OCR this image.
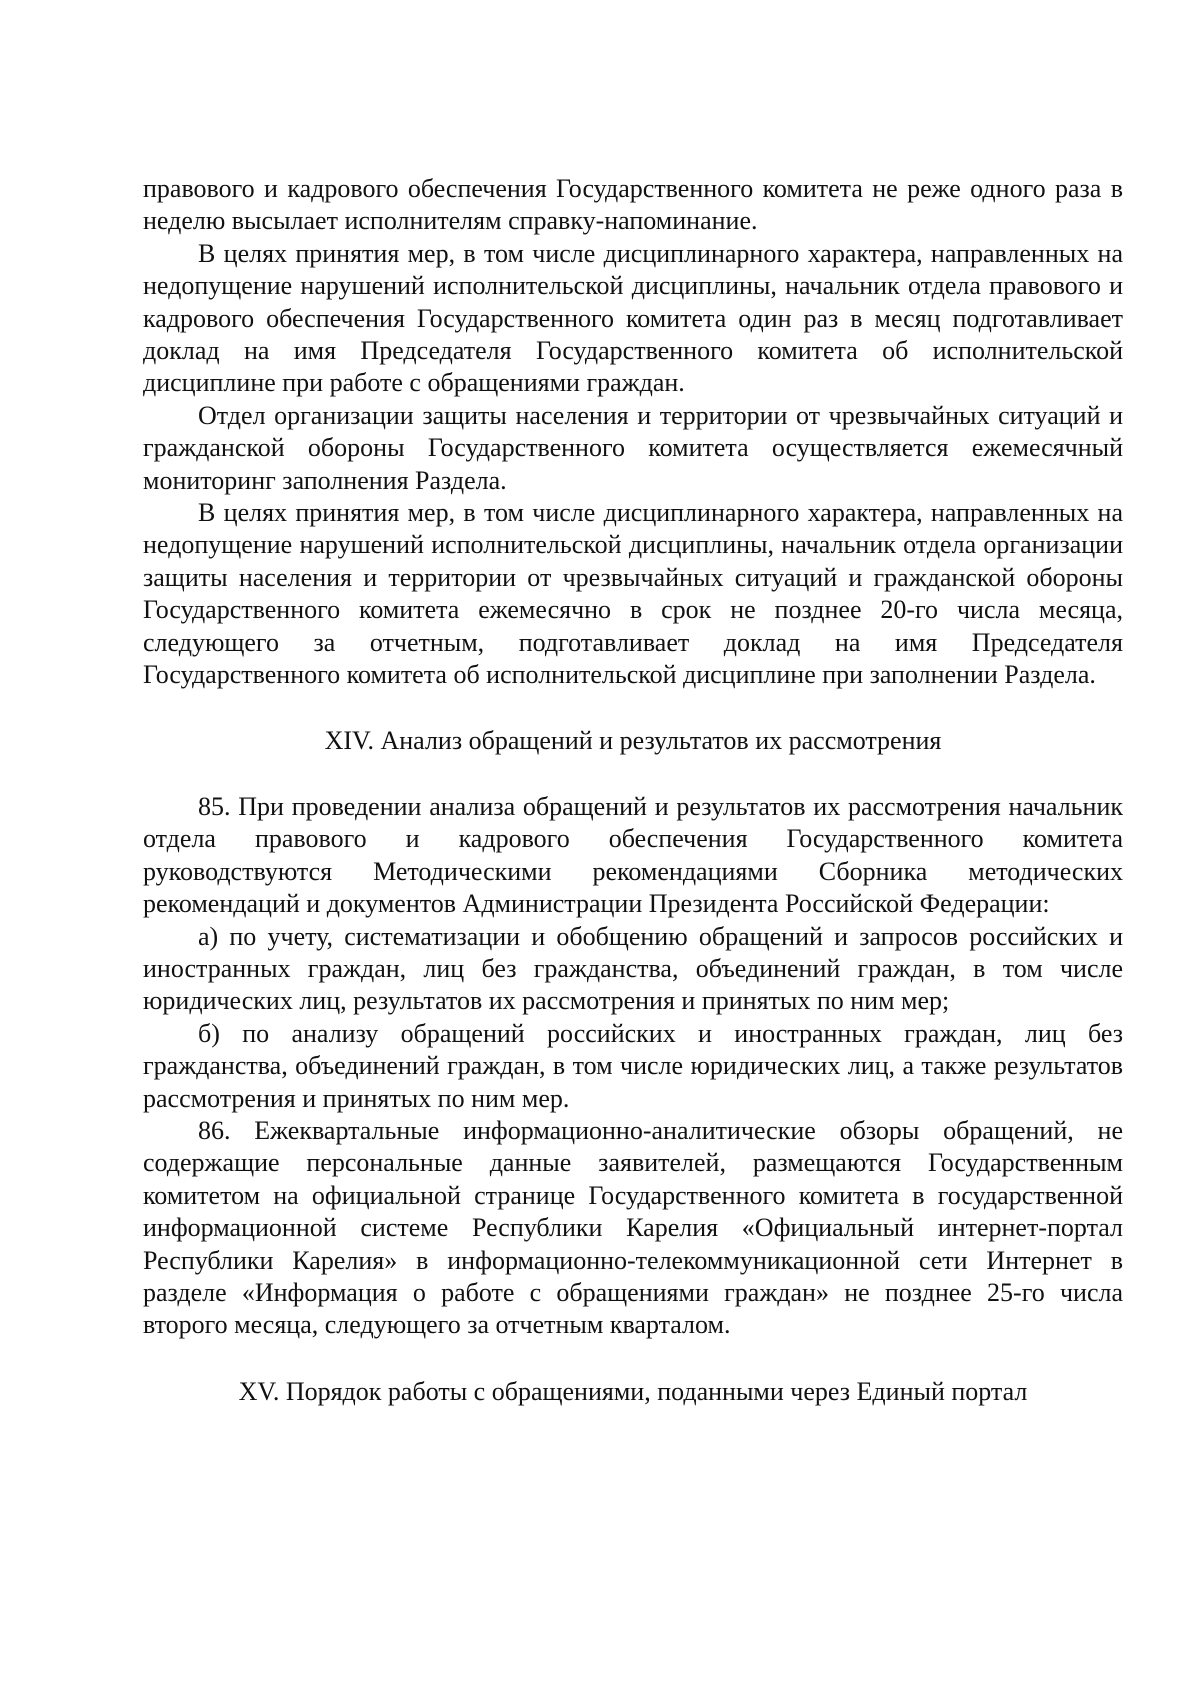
правового и кадрового обеспечения Государственного комитета не реже одного раза в неделю высылает исполнителям справку-напоминание.

В целях принятия мер, в том числе дисциплинарного характера, направленных на недопущение нарушений исполнительской дисциплины, начальник отдела правового и кадрового обеспечения Государственного комитета один раз в месяц подготавливает доклад на имя Председателя Государственного комитета об исполнительской дисциплине при работе с обращениями граждан.

Отдел организации защиты населения и территории от чрезвычайных ситуаций и гражданской обороны Государственного комитета осуществляется ежемесячный мониторинг заполнения Раздела.

В целях принятия мер, в том числе дисциплинарного характера, направленных на недопущение нарушений исполнительской дисциплины, начальник отдела организации защиты населения и территории от чрезвычайных ситуаций и гражданской обороны Государственного комитета ежемесячно в срок не позднее 20-го числа месяца, следующего за отчетным, подготавливает доклад на имя Председателя Государственного комитета об исполнительской дисциплине при заполнении Раздела.

XIV. Анализ обращений и результатов их рассмотрения

85. При проведении анализа обращений и результатов их рассмотрения начальник отдела правового и кадрового обеспечения Государственного комитета руководствуются Методическими рекомендациями Сборника методических рекомендаций и документов Администрации Президента Российской Федерации:

а) по учету, систематизации и обобщению обращений и запросов российских и иностранных граждан, лиц без гражданства, объединений граждан, в том числе юридических лиц, результатов их рассмотрения и принятых по ним мер;

б) по анализу обращений российских и иностранных граждан, лиц без гражданства, объединений граждан, в том числе юридических лиц, а также результатов рассмотрения и принятых по ним мер.

86. Ежеквартальные информационно-аналитические обзоры обращений, не содержащие персональные данные заявителей, размещаются Государственным комитетом на официальной странице Государственного комитета в государственной информационной системе Республики Карелия «Официальный интернет-портал Республики Карелия» в информационно-телекоммуникационной сети Интернет в разделе «Информация о работе с обращениями граждан» не позднее 25-го числа второго месяца, следующего за отчетным кварталом.

XV. Порядок работы с обращениями, поданными через Единый портал
